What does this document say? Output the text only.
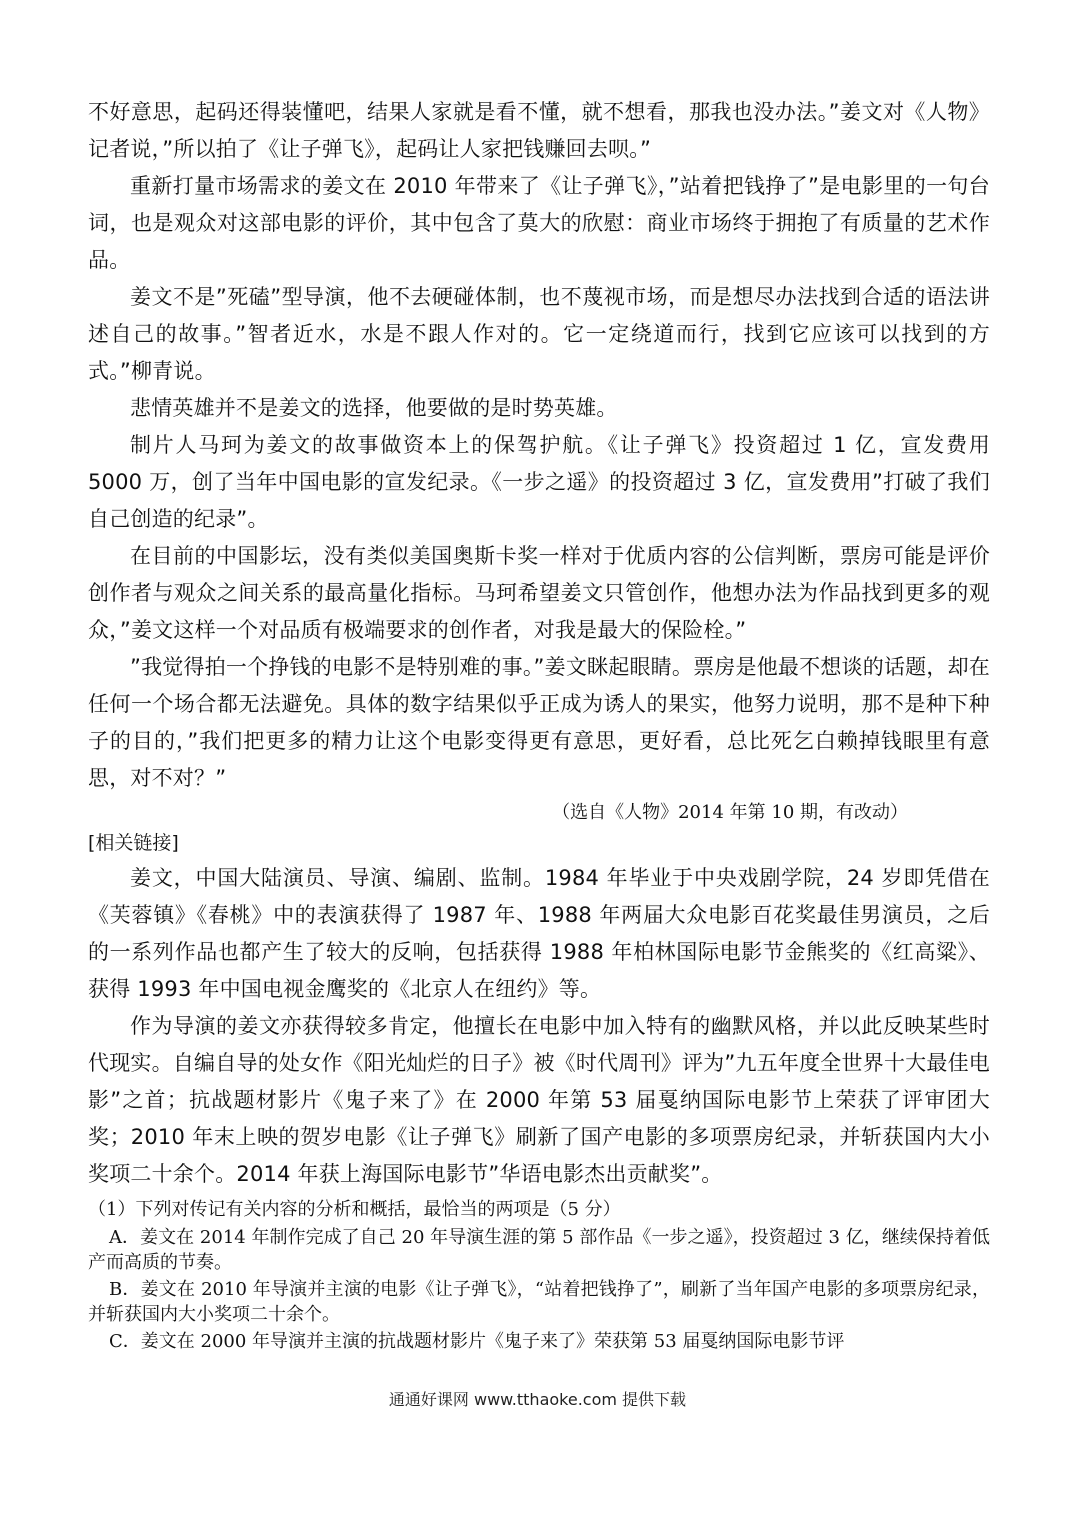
不好意思，起码还得装懂吧，结果人家就是看不懂，就不想看，那我也没办法。”姜文对《人物》记者说，”所以拍了《让子弹飞》，起码让人家把钱赚回去呗。”

重新打量市场需求的姜文在 2010 年带来了《让子弹飞》，”站着把钱挣了”是电影里的一句台词，也是观众对这部电影的评价，其中包含了莫大的欣慰：商业市场终于拥抱了有质量的艺术作品。

姜文不是”死磕”型导演，他不去硬碰体制，也不蔑视市场，而是想尽办法找到合适的语法讲述自己的故事。”智者近水，水是不跟人作对的。它一定绕道而行，找到它应该可以找到的方式。”柳青说。

悲情英雄并不是姜文的选择，他要做的是时势英雄。

制片人马珂为姜文的故事做资本上的保驾护航。《让子弹飞》投资超过 1 亿，宣发费用 5000 万，创了当年中国电影的宣发纪录。《一步之遥》的投资超过 3 亿，宣发费用”打破了我们自己创造的纪录”。

在目前的中国影坛，没有类似美国奥斯卡奖一样对于优质内容的公信判断，票房可能是评价创作者与观众之间关系的最高量化指标。马珂希望姜文只管创作，他想办法为作品找到更多的观众，”姜文这样一个对品质有极端要求的创作者，对我是最大的保险栓。”

”我觉得拍一个挣钱的电影不是特别难的事。”姜文眯起眼睛。票房是他最不想谈的话题，却在任何一个场合都无法避免。具体的数字结果似乎正成为诱人的果实，他努力说明，那不是种下种子的目的，”我们把更多的精力让这个电影变得更有意思，更好看，总比死乞白赖掉钱眼里有意思，对不对？”

（选自《人物》2014 年第 10 期，有改动）
[相关链接]

姜文，中国大陆演员、导演、编剧、监制。1984 年毕业于中央戏剧学院，24 岁即凭借在《芙蓉镇》《春桃》中的表演获得了 1987 年、1988 年两届大众电影百花奖最佳男演员，之后的一系列作品也都产生了较大的反响，包括获得 1988 年柏林国际电影节金熊奖的《红高粱》、获得 1993 年中国电视金鹰奖的《北京人在纽约》等。

作为导演的姜文亦获得较多肯定，他擅长在电影中加入特有的幽默风格，并以此反映某些时代现实。自编自导的处女作《阳光灿烂的日子》被《时代周刊》评为”九五年度全世界十大最佳电影”之首；抗战题材影片《鬼子来了》在 2000 年第 53 届戛纳国际电影节上荣获了评审团大奖；2010 年末上映的贺岁电影《让子弹飞》刷新了国产电影的多项票房纪录，并斩获国内大小奖项二十余个。2014 年获上海国际电影节”华语电影杰出贡献奖”。

（1）下列对传记有关内容的分析和概括，最恰当的两项是（5 分）

A．姜文在 2014 年制作完成了自己 20 年导演生涯的第 5 部作品《一步之遥》，投资超过 3 亿，继续保持着低产而高质的节奏。

B．姜文在 2010 年导演并主演的电影《让子弹飞》，“站着把钱挣了”，刷新了当年国产电影的多项票房纪录，并斩获国内大小奖项二十余个。

C．姜文在 2000 年导演并主演的抗战题材影片《鬼子来了》荣获第 53 届戛纳国际电影节评

通通好课网 www.tthaoke.com 提供下载
